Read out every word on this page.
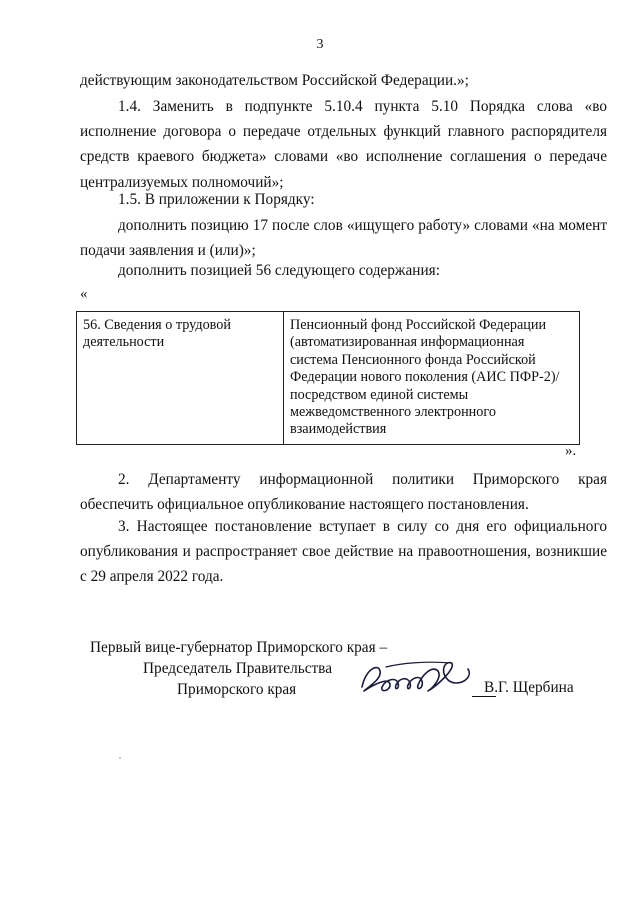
3

действующим законодательством Российской Федерации.»;

1.4. Заменить в подпункте 5.10.4 пункта 5.10 Порядка слова «во исполнение договора о передаче отдельных функций главного распорядителя средств краевого бюджета» словами «во исполнение соглашения о передаче централизуемых полномочий»;

1.5. В приложении к Порядку:

дополнить позицию 17 после слов «ищущего работу» словами «на момент подачи заявления и (или)»;

дополнить позицией 56 следующего содержания:

«
56. Сведения о трудовой деятельности	Пенсионный фонд Российской Федерации (автоматизированная информационная система Пенсионного фонда Российской Федерации нового поколения (АИС ПФР-2)/посредством единой системы межведомственного электронного взаимодействия
».

2. Департаменту информационной политики Приморского края обеспечить официальное опубликование настоящего постановления.

3. Настоящее постановление вступает в силу со дня его официального опубликования и распространяет свое действие на правоотношения, возникшие с 29 апреля 2022 года.

Первый вице-губернатор Приморского края –
Председатель Правительства
Приморского края	В.Г. Щербина
